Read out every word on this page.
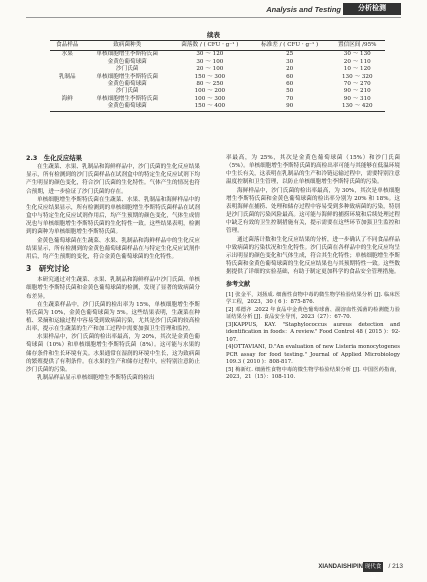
Analysis and Testing	分析检测
续表
食品样品	致病菌种类	菌落数 / ( CFU · g⁻¹ )	标准差 / ( CFU · g⁻¹ )	置信区间 /95%
水果	单核细胞增生李斯特氏菌	30 ～ 120	25	30 ～ 130
	金黄色葡萄球菌	30 ～ 100	30	20 ～ 110
	沙门氏菌	20 ～ 100	20	10 ～ 120
乳制品	单核细胞增生李斯特氏菌	150 ～ 300	60	130 ～ 320
	金黄色葡萄球菌	80 ～ 250	60	70 ～ 270
	沙门氏菌	100 ～ 200	50	90 ～ 210
海鲜	单核细胞增生李斯特氏菌	100 ～ 300	70	90 ～ 310
	金黄色葡萄球菌	150 ～ 400	90	130 ～ 420
2.3　生化反应结果

在生蔬菜、水果、乳制品和海鲜样品中，沙门氏菌的生化反应结果显示，所有检测到的沙门氏菌样品在试剂盒中的特定生化反应试剂下均产生明显的颜色变化，符合沙门氏菌的生化特性。气体产生的情况也符合预期，进一步验证了沙门氏菌的存在。

单核细胞增生李斯特氏菌在生蔬菜、水果、乳制品和海鲜样品中的生化反应结果显示，所有检测到的单核细胞增生李斯特氏菌样品在试剂盒中与特定生化反应试剂作用后，均产生预期的颜色变化，气体生成情况也与单核细胞增生李斯特氏菌的生化特性一致。这些结果表明，检测到的菌种为单核细胞增生李斯特氏菌。

金黄色葡萄球菌在生蔬菜、水果、乳制品和海鲜样品中的生化反应结果显示，所有检测到的金黄色葡萄球菌样品在与特定生化反应试剂作用后，均产生预期的变化，符合金黄色葡萄球菌的生化特性。

3　研究讨论

本研究通过对生蔬菜、水果、乳制品和海鲜样品中沙门氏菌、单核细胞增生李斯特氏菌和金黄色葡萄球菌的检测，发现了显著的致病菌分布差异。

在生蔬菜样品中，沙门氏菌的检出率为 15%，单核细胞增生李斯特氏菌为 10%，金黄色葡萄球菌为 5%。这些结果表明，生蔬菜在种植、采摘和运输过程中容易受到致病菌污染，尤其是沙门氏菌的较高检出率，提示在生蔬菜的生产和加工过程中需要加强卫生管理和监控。

水果样品中，沙门氏菌的检出率最高，为 20%，其次是金黄色葡萄球菌（10%）和单核细胞增生李斯特氏菌（8%）。这可能与水果的储存条件和生长环境有关。水果通常在湿润的环境中生长，这为致病菌的繁殖提供了有利条件。在水果的生产和储存过程中，应特别注意防止沙门氏菌的污染。

乳制品样品显示单核细胞增生李斯特氏菌的检出

率最高，为 25%，其次是金黄色葡萄球菌（15%）和沙门氏菌（5%）。单核细胞增生李斯特氏菌的高检出率可能与其能够在低温环境中生长有关，这表明在乳制品的生产和冷链运输过程中，需要特别注意温度控制和卫生管理，以防止单核细胞增生李斯特氏菌的污染。

海鲜样品中，沙门氏菌的检出率最高，为 30%，其次是单核细胞增生李斯特氏菌和金黄色葡萄球菌的检出率分别为 20% 和 18%。这表明海鲜在捕捞、处理和储存过程中容易受到多种致病菌的污染，特别是沙门氏菌的污染风险最高。这可能与海鲜的捕捞环境和后续处理过程中缺乏有效的卫生控制措施有关，提示需要在这些环节加强卫生监控和管理。

通过菌落计数和生化反应结果的分析，进一步确认了不同食品样品中致病菌的污染状况和生化特性。沙门氏菌在各样品中的生化反应均呈示出明显的颜色变化和气体生成，符合其生化特性；单核细胞增生李斯特氏菌和金黄色葡萄球菌的生化反应结果也与其预期特性一致。这些数据提供了详细的实验基础，有助于制定更加科学的食品安全管理措施。

参考文献

[1] 张金平，刘扬成. 细菌性食物中毒的微生物学检验结果分析 [J]. 临床医学工程，2023，30 ( 6 )：875-876.

[2] 邓德齐 .2022 年食品中金黄色葡萄球菌、副溶血性弧菌的检测能力验证结果分析 [J]. 食品安全导刊，2023（27）：67-70.

[3]KAPPUS, KAY. "Staphylococcus aureus detection and identification in foods：A review." Food Control 48 ( 2015 )：92-107.

[4]OTTAVIANI, D."An evaluation of new Listeria monocytogenes PCR assay for food testing." Journal of Applied Microbiology 109.3 ( 2010 )：808-817.

[5] 梅新红. 细菌性食物中毒的微生物学检验结果分析 [J]. 中国医药指南，2023，21（15）：108-110.

XIANDAISHIPIN 现代食品
/ 213
